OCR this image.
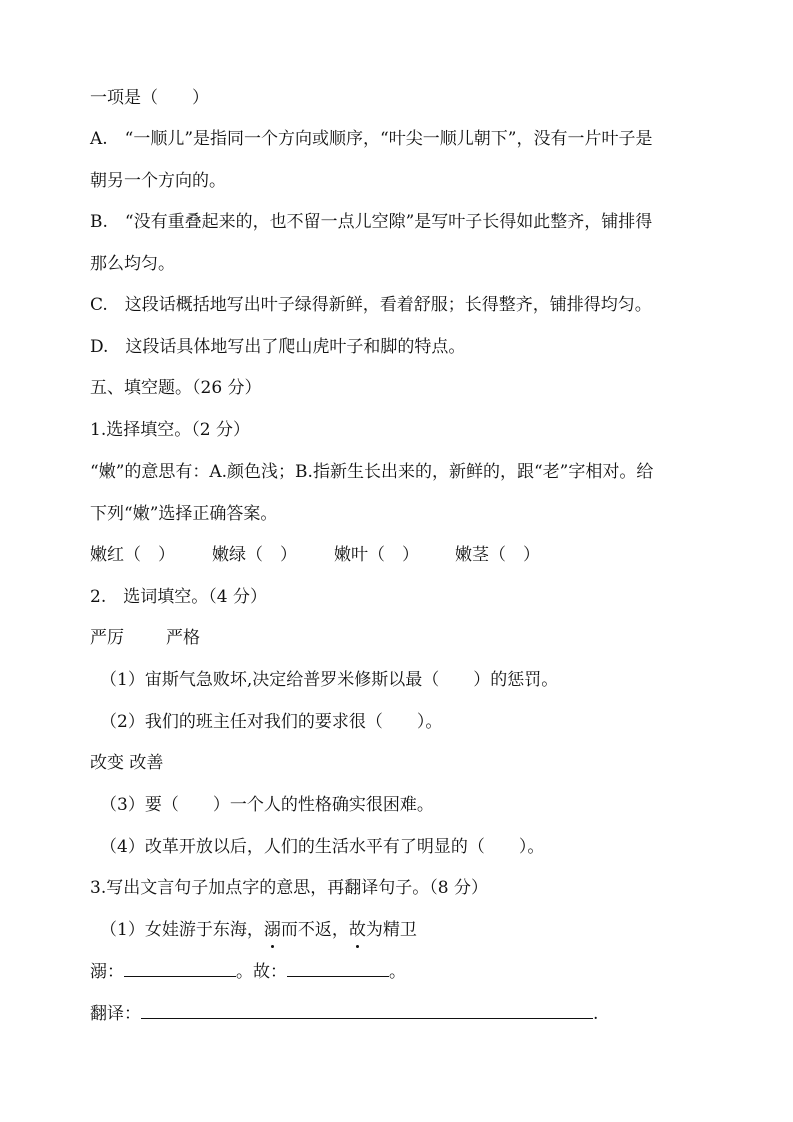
一项是（　　）
A.　“一顺儿”是指同一个方向或顺序，“叶尖一顺儿朝下”，没有一片叶子是
朝另一个方向的。
B.　“没有重叠起来的，也不留一点儿空隙”是写叶子长得如此整齐，铺排得
那么均匀。
C.　这段话概括地写出叶子绿得新鲜，看着舒服；长得整齐，铺排得均匀。
D.　这段话具体地写出了爬山虎叶子和脚的特点。
五、填空题。（26 分）
1.选择填空。（2 分）
“嫩”的意思有：A.颜色浅；B.指新生长出来的，新鲜的，跟“老”字相对。给
下列“嫩”选择正确答案。
嫩红（　） 嫩绿（　） 嫩叶（　） 嫩茎（　）
2.　选词填空。（4 分）
严厉 严格
（1）宙斯气急败坏,决定给普罗米修斯以最（　　）的惩罚。
（2）我们的班主任对我们的要求很（　　）。
改变 改善
（3）要（　　）一个人的性格确实很困难。
（4）改革开放以后，人们的生活水平有了明显的（　　）。
3.写出文言句子加点字的意思，再翻译句子。（8 分）
（1）女娃游于东海，溺而不返，故为精卫
溺：	。故：	。
翻译：	.
